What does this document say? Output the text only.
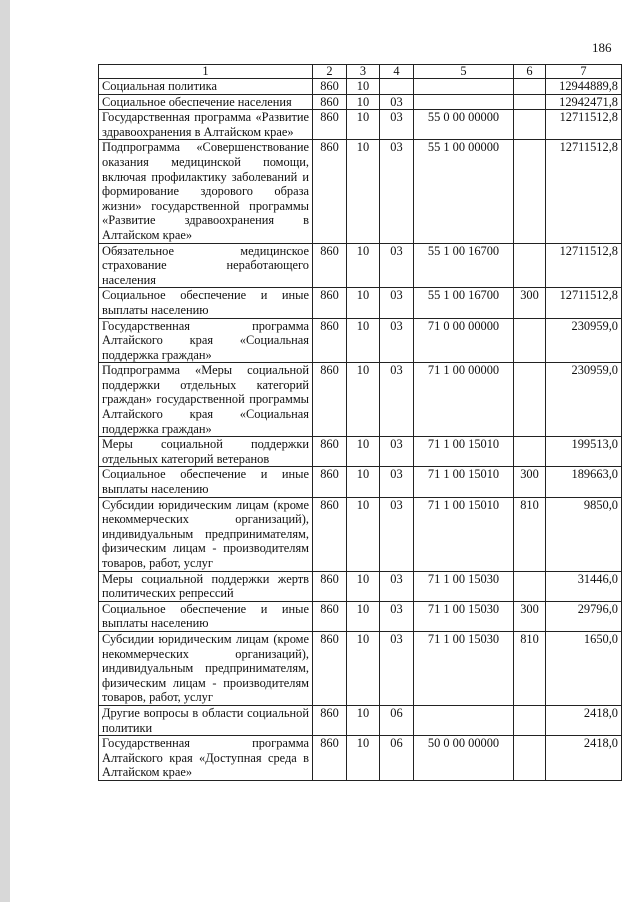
186
1	2	3	4	5	6	7
Социальная политика	860	10				12944889,8
Социальное обеспечение населения	860	10	03			12942471,8
Государственная программа «Развитие здравоохранения в Алтайском крае»	860	10	03	55 0 00 00000		12711512,8
Подпрограмма «Совершенствование оказания медицинской помощи, включая профилактику заболеваний и формирование здорового образа жизни» государственной программы «Развитие здравоохранения в Алтайском крае»	860	10	03	55 1 00 00000		12711512,8
Обязательное медицинское страхование неработающего населения	860	10	03	55 1 00 16700		12711512,8
Социальное обеспечение и иные выплаты населению	860	10	03	55 1 00 16700	300	12711512,8
Государственная программа Алтайского края «Социальная поддержка граждан»	860	10	03	71 0 00 00000		230959,0
Подпрограмма «Меры социальной поддержки отдельных категорий граждан» государственной программы Алтайского края «Социальная поддержка граждан»	860	10	03	71 1 00 00000		230959,0
Меры социальной поддержки отдельных категорий ветеранов	860	10	03	71 1 00 15010		199513,0
Социальное обеспечение и иные выплаты населению	860	10	03	71 1 00 15010	300	189663,0
Субсидии юридическим лицам (кроме некоммерческих организаций), индивидуальным предпринимателям, физическим лицам - производителям товаров, работ, услуг	860	10	03	71 1 00 15010	810	9850,0
Меры социальной поддержки жертв политических репрессий	860	10	03	71 1 00 15030		31446,0
Социальное обеспечение и иные выплаты населению	860	10	03	71 1 00 15030	300	29796,0
Субсидии юридическим лицам (кроме некоммерческих организаций), индивидуальным предпринимателям, физическим лицам - производителям товаров, работ, услуг	860	10	03	71 1 00 15030	810	1650,0
Другие вопросы в области социальной политики	860	10	06			2418,0
Государственная программа Алтайского края «Доступная среда в Алтайском крае»	860	10	06	50 0 00 00000		2418,0
